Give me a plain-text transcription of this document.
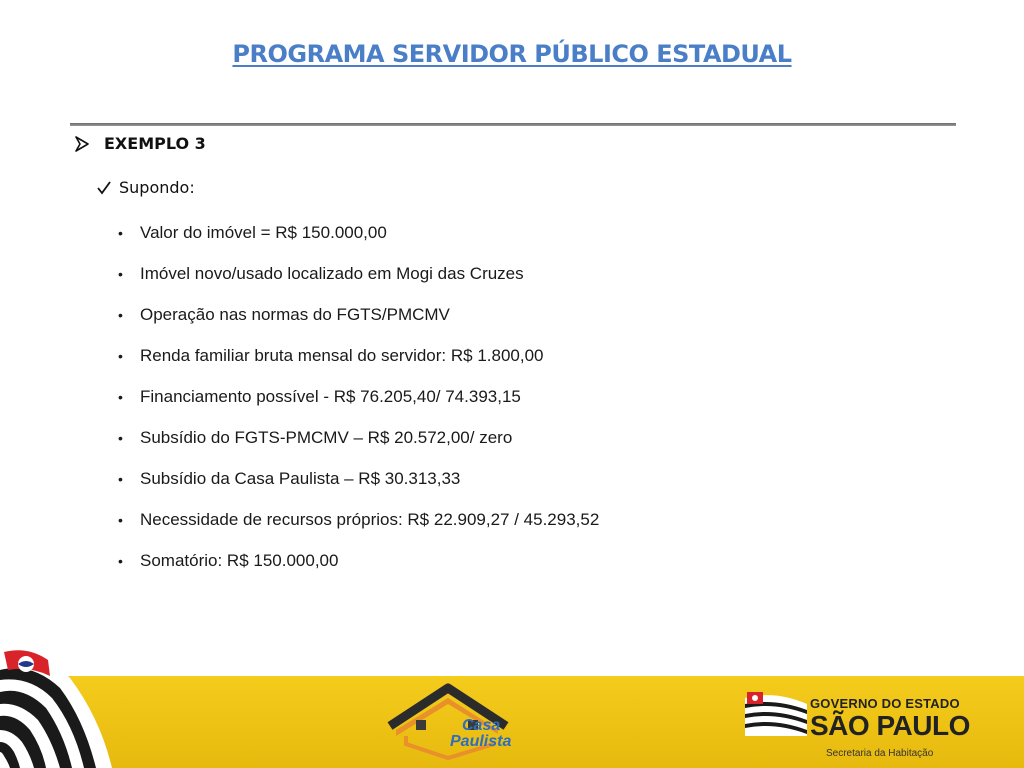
PROGRAMA SERVIDOR PÚBLICO ESTADUAL
EXEMPLO 3
Supondo:
•	Valor do imóvel = R$ 150.000,00
•	Imóvel novo/usado localizado em Mogi das Cruzes
•	Operação nas normas do FGTS/PMCMV
•	Renda familiar bruta mensal do servidor: R$ 1.800,00
•	Financiamento possível - R$ 76.205,40/ 74.393,15
•	Subsídio do FGTS-PMCMV – R$ 20.572,00/ zero
•	Subsídio da Casa Paulista – R$ 30.313,33
•	Necessidade de recursos próprios: R$ 22.909,27 / 45.293,52
•	Somatório: R$ 150.000,00
Casa
Paulista
GOVERNO DO ESTADO
SÃO PAULO
Secretaria da Habitação
